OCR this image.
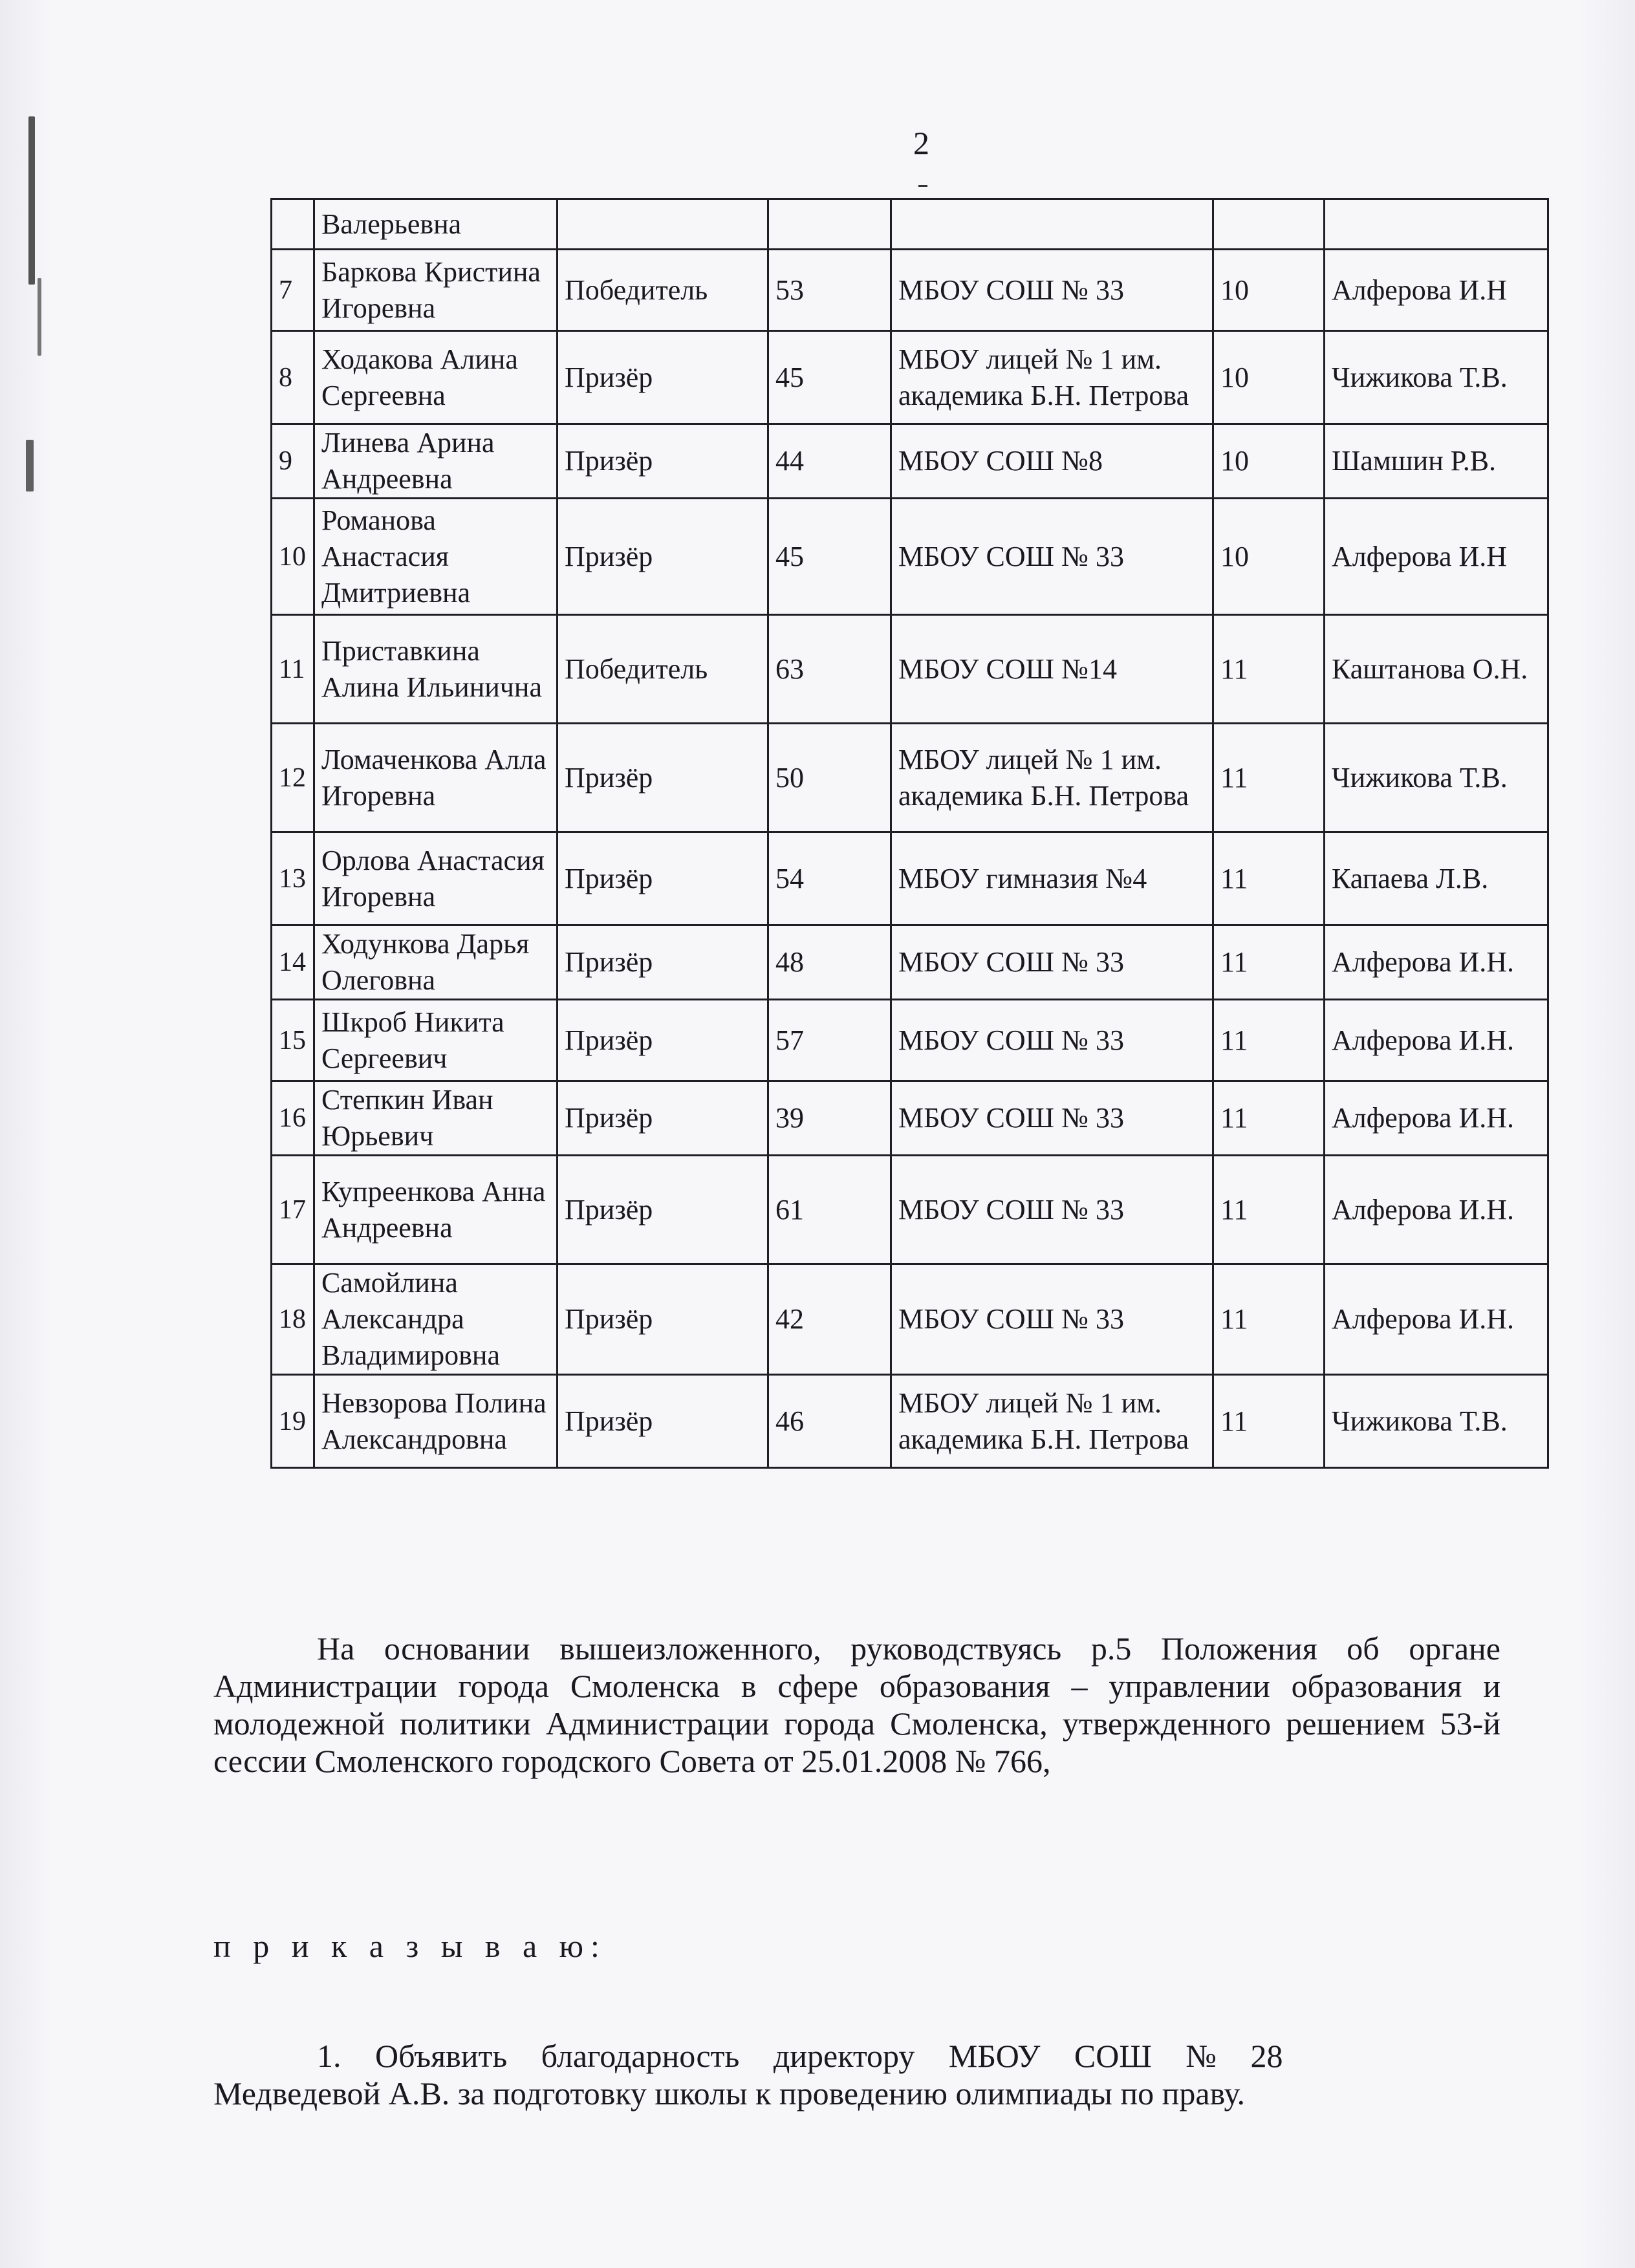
2
	Валерьевна					
7	Баркова Кристина Игоревна	Победитель	53	МБОУ СОШ № 33	10	Алферова И.Н
8	Ходакова Алина Сергеевна	Призёр	45	МБОУ лицей № 1 им. академика Б.Н. Петрова	10	Чижикова Т.В.
9	Линева Арина Андреевна	Призёр	44	МБОУ СОШ №8	10	Шамшин Р.В.
10	Романова Анастасия Дмитриевна	Призёр	45	МБОУ СОШ № 33	10	Алферова И.Н
11	Приставкина Алина Ильинична	Победитель	63	МБОУ СОШ №14	11	Каштанова О.Н.
12	Ломаченкова Алла Игоревна	Призёр	50	МБОУ лицей № 1 им. академика Б.Н. Петрова	11	Чижикова Т.В.
13	Орлова Анастасия Игоревна	Призёр	54	МБОУ гимназия №4	11	Капаева Л.В.
14	Ходункова Дарья Олеговна	Призёр	48	МБОУ СОШ № 33	11	Алферова И.Н.
15	Шкроб Никита Сергеевич	Призёр	57	МБОУ СОШ № 33	11	Алферова И.Н.
16	Степкин Иван Юрьевич	Призёр	39	МБОУ СОШ № 33	11	Алферова И.Н.
17	Купреенкова Анна Андреевна	Призёр	61	МБОУ СОШ № 33	11	Алферова И.Н.
18	Самойлина Александра Владимировна	Призёр	42	МБОУ СОШ № 33	11	Алферова И.Н.
19	Невзорова Полина Александровна	Призёр	46	МБОУ лицей № 1 им. академика Б.Н. Петрова	11	Чижикова Т.В.
На основании вышеизложенного, руководствуясь р.5 Положения об органе Администрации города Смоленска в сфере образования – управлении образования и молодежной политики Администрации города Смоленска, утвержденного решением 53-й сессии Смоленского городского Совета от 25.01.2008 № 766,
п р и к а з ы в а ю:
1. Объявить благодарность директору МБОУ СОШ № 28
Медведевой А.В. за подготовку школы к проведению олимпиады по праву.
